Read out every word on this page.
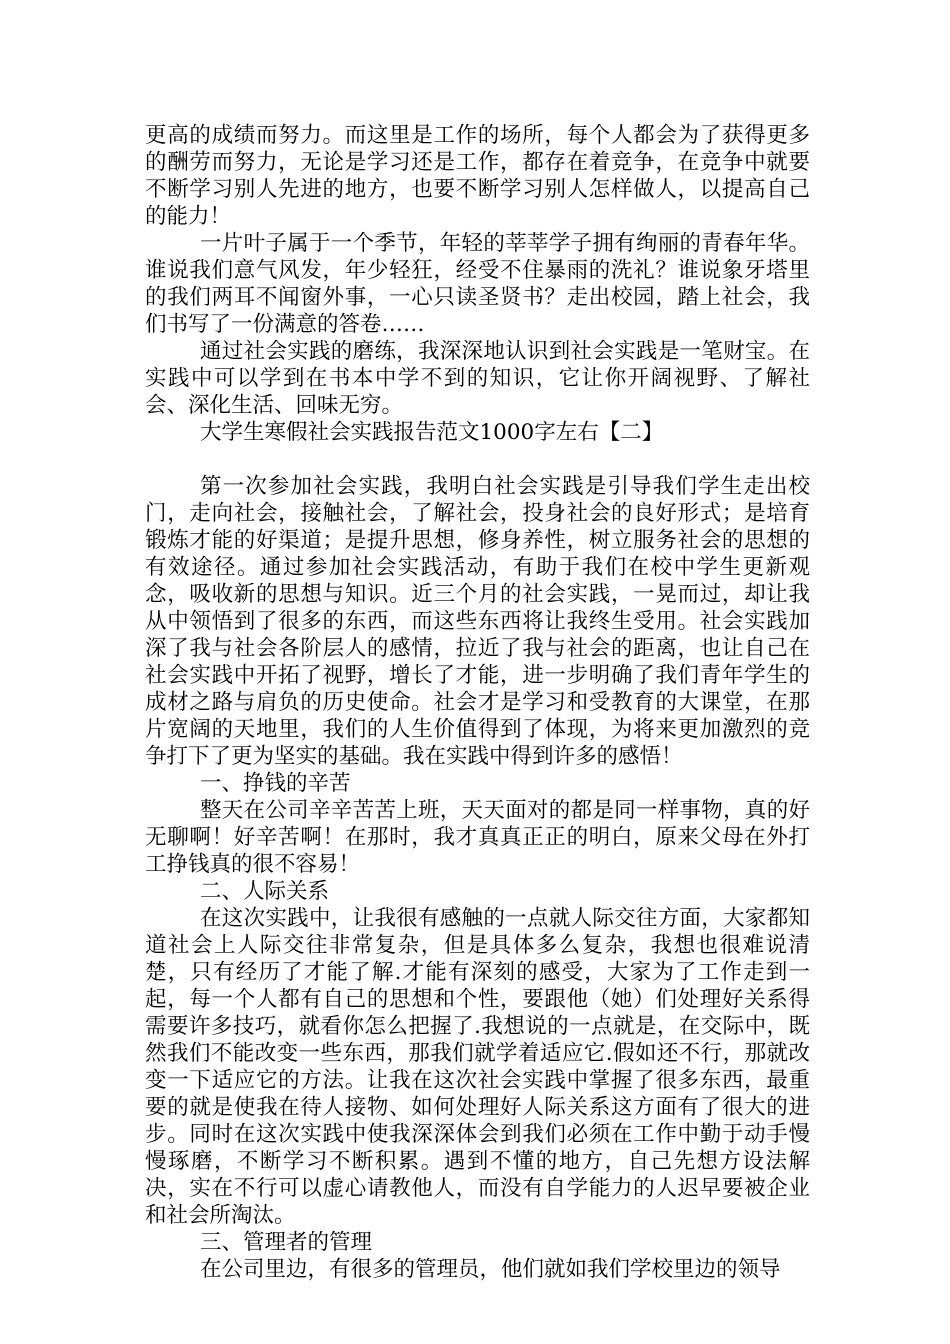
更高的成绩而努力。而这里是工作的场所，每个人都会为了获得更多的酬劳而努力，无论是学习还是工作，都存在着竞争，在竞争中就要不断学习别人先进的地方，也要不断学习别人怎样做人，以提高自己的能力！

一片叶子属于一个季节，年轻的莘莘学子拥有绚丽的青春年华。谁说我们意气风发，年少轻狂，经受不住暴雨的洗礼？谁说象牙塔里的我们两耳不闻窗外事，一心只读圣贤书？走出校园，踏上社会，我们书写了一份满意的答卷……

通过社会实践的磨练，我深深地认识到社会实践是一笔财宝。在实践中可以学到在书本中学不到的知识，它让你开阔视野、了解社会、深化生活、回味无穷。

大学生寒假社会实践报告范文1000字左右【二】

第一次参加社会实践，我明白社会实践是引导我们学生走出校门，走向社会，接触社会，了解社会，投身社会的良好形式；是培育锻炼才能的好渠道；是提升思想，修身养性，树立服务社会的思想的有效途径。通过参加社会实践活动，有助于我们在校中学生更新观念，吸收新的思想与知识。近三个月的社会实践，一晃而过，却让我从中领悟到了很多的东西，而这些东西将让我终生受用。社会实践加深了我与社会各阶层人的感情，拉近了我与社会的距离，也让自己在社会实践中开拓了视野，增长了才能，进一步明确了我们青年学生的成材之路与肩负的历史使命。社会才是学习和受教育的大课堂，在那片宽阔的天地里，我们的人生价值得到了体现，为将来更加激烈的竞争打下了更为坚实的基础。我在实践中得到许多的感悟！

一、挣钱的辛苦

整天在公司辛辛苦苦上班，天天面对的都是同一样事物，真的好无聊啊！好辛苦啊！在那时，我才真真正正的明白，原来父母在外打工挣钱真的很不容易！

二、人际关系

在这次实践中，让我很有感触的一点就人际交往方面，大家都知道社会上人际交往非常复杂，但是具体多么复杂，我想也很难说清楚，只有经历了才能了解.才能有深刻的感受，大家为了工作走到一起，每一个人都有自己的思想和个性，要跟他（她）们处理好关系得需要许多技巧，就看你怎么把握了.我想说的一点就是，在交际中，既然我们不能改变一些东西，那我们就学着适应它.假如还不行，那就改变一下适应它的方法。让我在这次社会实践中掌握了很多东西，最重要的就是使我在待人接物、如何处理好人际关系这方面有了很大的进步。同时在这次实践中使我深深体会到我们必须在工作中勤于动手慢慢琢磨，不断学习不断积累。遇到不懂的地方，自己先想方设法解决，实在不行可以虚心请教他人，而没有自学能力的人迟早要被企业和社会所淘汰。

三、管理者的管理

在公司里边，有很多的管理员，他们就如我们学校里边的领导
